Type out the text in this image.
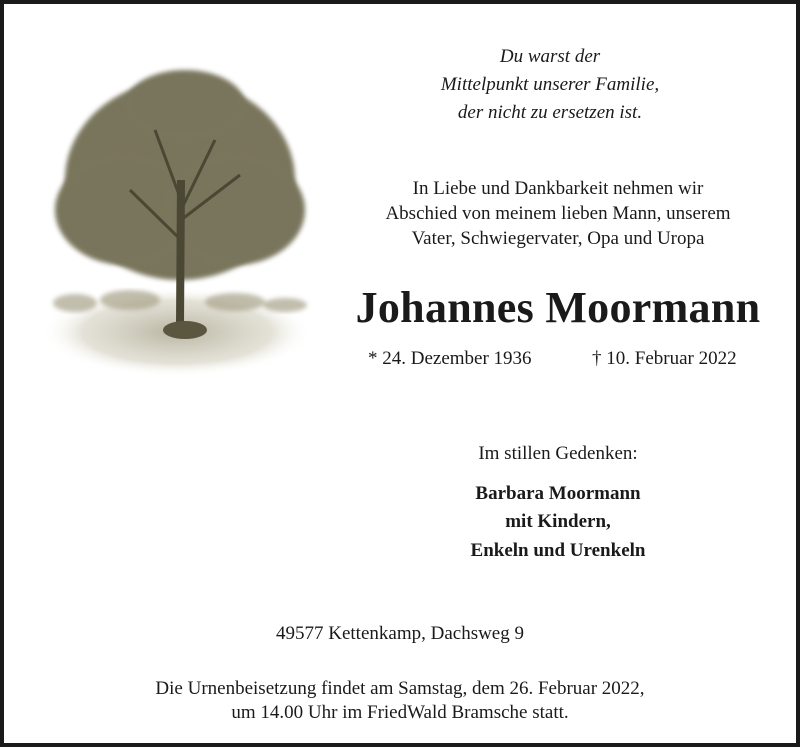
Du warst der
Mittelpunkt unserer Familie,
der nicht zu ersetzen ist.
In Liebe und Dankbarkeit nehmen wir
Abschied von meinem lieben Mann, unserem
Vater, Schwiegervater, Opa und Uropa
Johannes Moormann
* 24. Dezember 1936	† 10. Februar 2022
Im stillen Gedenken:
Barbara Moormann
mit Kindern,
Enkeln und Urenkeln
49577 Kettenkamp, Dachsweg 9
Die Urnenbeisetzung findet am Samstag, dem 26. Februar 2022,
um 14.00 Uhr im FriedWald Bramsche statt.
